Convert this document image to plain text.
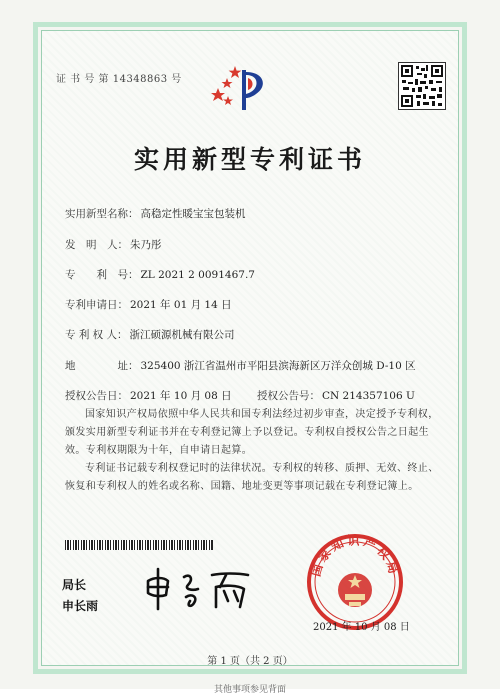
证 书 号 第 14348863 号
实用新型专利证书
实用新型名称： 高稳定性暖宝宝包装机
发　明　人： 朱乃彤
专　　利　号： ZL 2021 2 0091467.7
专利申请日： 2021 年 01 月 14 日
专 利 权 人： 浙江硕源机械有限公司
地　　　　址： 325400 浙江省温州市平阳县滨海新区万洋众创城 D-10 区
授权公告日： 2021 年 10 月 08 日 授权公告号： CN 214357106 U
国家知识产权局依照中华人民共和国专利法经过初步审查，决定授予专利权，颁发实用新型专利证书并在专利登记簿上予以登记。专利权自授权公告之日起生效。专利权期限为十年，自申请日起算。
专利证书记载专利权登记时的法律状况。专利权的转移、质押、无效、终止、恢复和专利权人的姓名或名称、国籍、地址变更等事项记载在专利登记簿上。
局长
申长雨
国家知识产权局
2021 年 10 月 08 日
第 1 页（共 2 页）
其他事项参见背面
